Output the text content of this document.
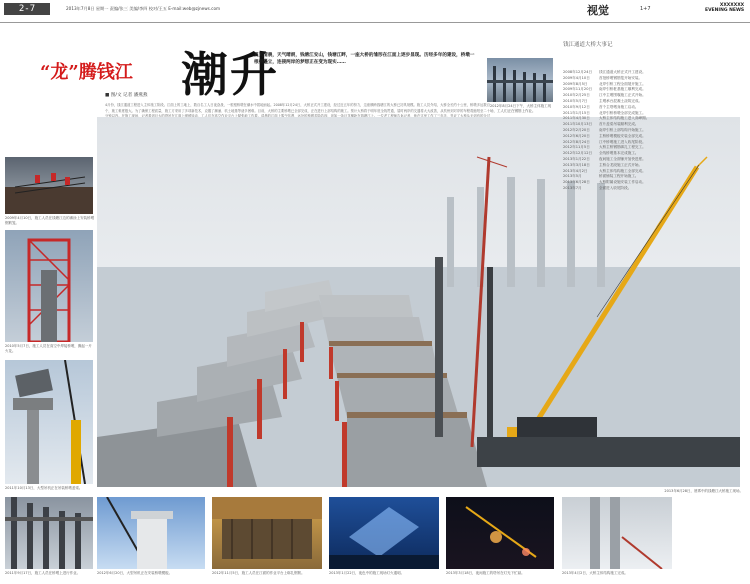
2-7	2013年7月8日 星期一 责编/张三 美编/李四 校对/王五 E-mail:web@zjnews.com	视觉	1+7
XXXXXXX
EVENING NEWS
“龙”腾钱江 潮升
夏天清晨，天气晴朗，钱塘江安山，钱塘江畔，一座大桥的雏形在江面上逐步显现。历经多年的建设，桥墩一根根矗立，连接两岸的梦想正在变为现实……
■ 图/文 记者 潘燕燕
4月份，钱江通道工程进入主体施工阶段。江面上的工地上，数百名工人日夜奋战，一根根桥墩在潮水中拔地而起。2008年12月24日，大桥正式开工建设，经过近五年的努力，这座横跨钱塘江的大桥已初具规模。施工人员介绍，大桥全长约十公里，桥墩多达数百个，施工难度极大。为了确保工程质量，施工方采用了多项新技术，克服了潮涌、软土地基等诸多困难。目前，大桥的主要桥墩已全部完成，正在进行上部结构的施工。预计大桥将于明年底全线贯通，届时两岸的交通将大大改善，从杭州到对岸的车程将缩短至二十
2012年8月24日下午，大桥主体施工现场，工人们正在钢筋上作业。
2009年4月10日，施工人员在钱塘江边的滩涂上安装桥墩钢筋笼。
2010年5月7日，施工人员在高空中焊接桥墩，溅起一片火花。
2011年10月13日，大型吊机正在吊装桥墩盖梁。
2013年6月28日，晨雾中的钱塘江大桥施工现场。
2011年9月17日，施工人员在桥墩上进行作业。	2012年6月20日，大型吊机正在安装桥墩模板。	2012年11月5日，施工人员在江面的作业平台上绑扎钢筋。	2013年1月22日，夜色中的施工现场灯火通明。	2013年3月18日，夜间施工的塔吊在灯光下忙碌。	2013年4月2日，大桥主体结构施工完成。
钱江通道大桥大事记
2008年12月24日	钱江通道大桥正式开工建设。
2009年4月10日	首批桥墩钢筋笼开始安装。
2009年8月5日	北岸引桥工程全面展开施工。
2009年11月20日	南岸引桥桩基施工顺利完成。
2010年2月25日	江中主墩围堰施工正式开始。
2010年5月7日	主墩承台混凝土浇筑完成。
2010年9月12日	首个主塔墩身施工启动。
2011年1月15日	北岸引桥桥墩全部完成施工。
2011年4月30日	大桥主体结构施工进入高峰期。
2011年10月13日	首片盖梁吊装顺利完成。
2012年2月20日	南岸引桥上部结构开始施工。
2012年6月20日	主桥桥墩模板安装全部完成。
2012年8月24日	江中桥墩施工进入收尾阶段。
2012年11月5日	大桥主桥钢筋绑扎工程完工。
2012年12月12日	全线桥墩基本完成施工。
2013年1月22日	夜间施工全面铺开加快进度。
2013年3月18日	主桥合龙段施工正式开始。
2013年4月2日	大桥主体结构施工全部完成。
2013年5月	桥面铺装工程开始施工。
2013年6月28日	大桥附属设施安装工作启动。
2013年7月	全面进入收尾阶段。
